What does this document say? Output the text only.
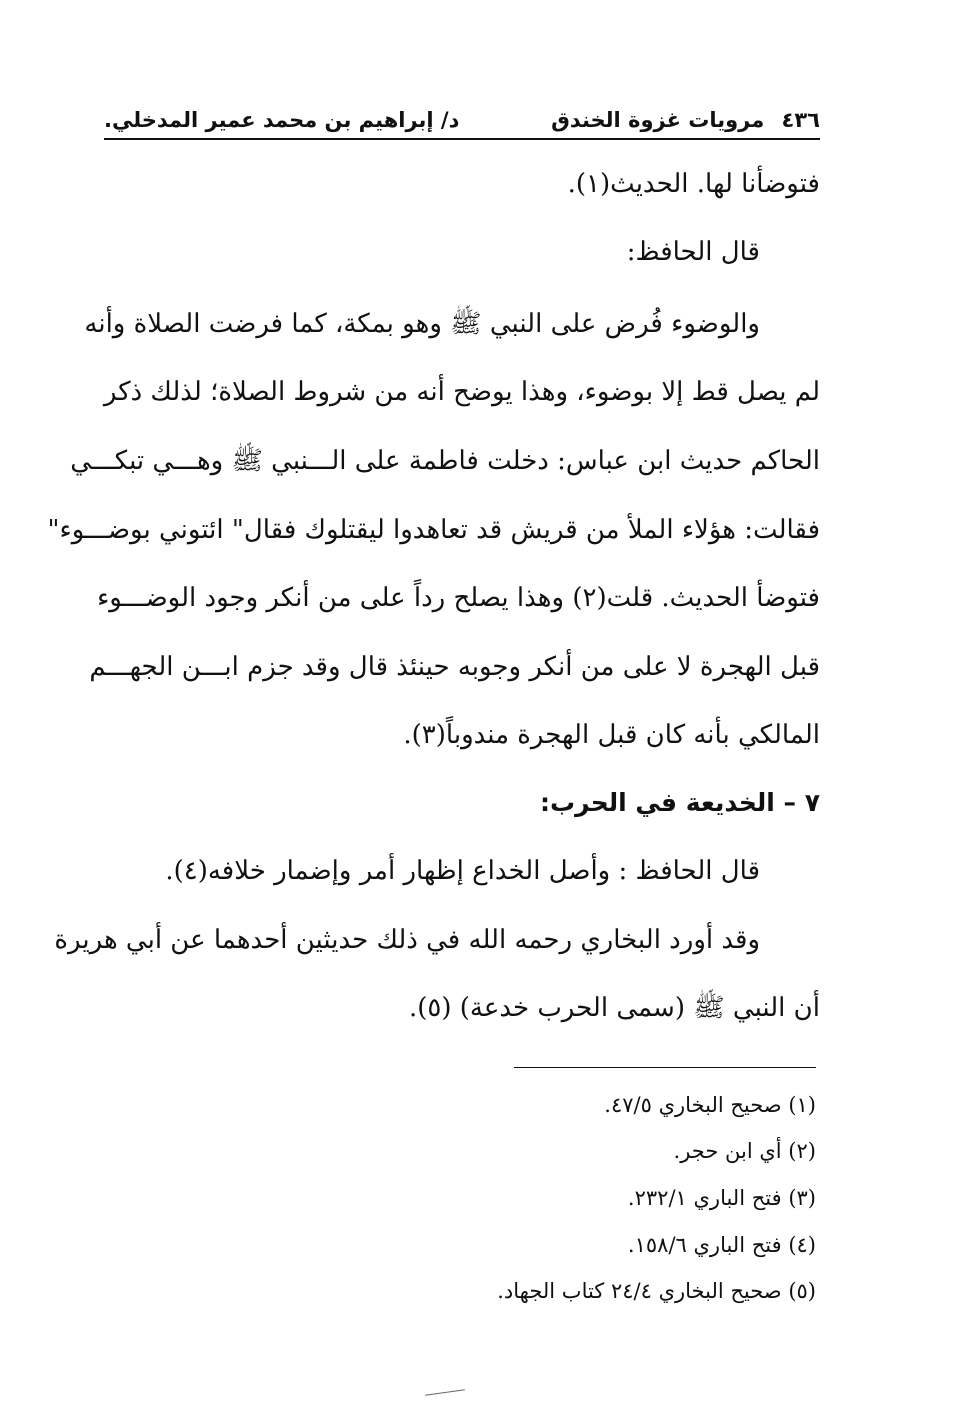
٤٣٦ مرويات غزوة الخندق
د/ إبراهيم بن محمد عمير المدخلي.
فتوضأنا لها. الحديث(١).
قال الحافظ:
والوضوء فُرض على النبي ﷺ وهو بمكة، كما فرضت الصلاة وأنه
لم يصل قط إلا بوضوء، وهذا يوضح أنه من شروط الصلاة؛ لذلك ذكر
الحاكم حديث ابن عباس: دخلت فاطمة على الـــنبي ﷺ وهـــي تبكـــي
فقالت: هؤلاء الملأ من قريش قد تعاهدوا ليقتلوك فقال" ائتوني بوضـــوء"
فتوضأ الحديث. قلت(٢) وهذا يصلح رداً على من أنكر وجود الوضـــوء
قبل الهجرة لا على من أنكر وجوبه حينئذ قال وقد جزم ابـــن الجهـــم
المالكي بأنه كان قبل الهجرة مندوباً(٣).
٧ – الخديعة في الحرب:
قال الحافظ : وأصل الخداع إظهار أمر وإضمار خلافه(٤).
وقد أورد البخاري رحمه الله في ذلك حديثين أحدهما عن أبي هريرة
أن النبي ﷺ (سمى الحرب خدعة) (٥).
(١) صحيح البخاري ٤٧/٥.
(٢) أي ابن حجر.
(٣) فتح الباري ٢٣٢/١.
(٤) فتح الباري ١٥٨/٦.
(٥) صحيح البخاري ٢٤/٤ كتاب الجهاد.
